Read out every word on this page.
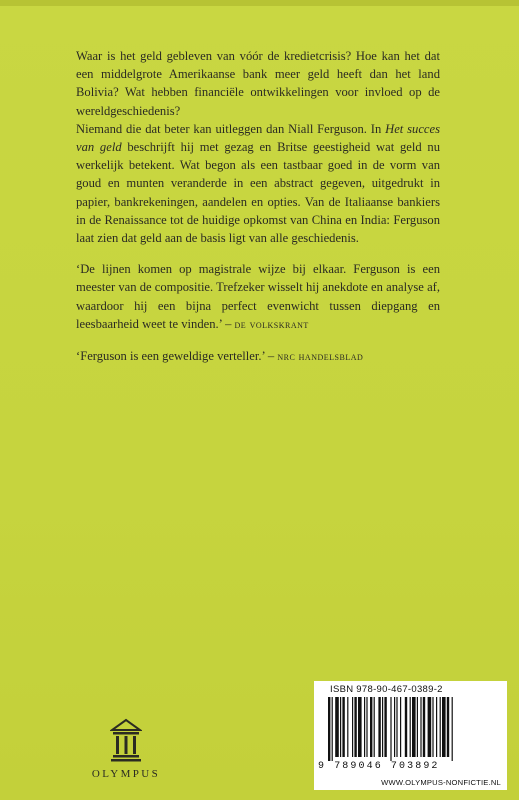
Waar is het geld gebleven van vóór de kredietcrisis? Hoe kan het dat een middelgrote Amerikaanse bank meer geld heeft dan het land Bolivia? Wat hebben financiële ontwikkelingen voor invloed op de wereldgeschiedenis?

Niemand die dat beter kan uitleggen dan Niall Ferguson. In Het succes van geld beschrijft hij met gezag en Britse geestigheid wat geld nu werkelijk betekent. Wat begon als een tastbaar goed in de vorm van goud en munten veranderde in een abstract gegeven, uitgedrukt in papier, bankrekeningen, aandelen en opties. Van de Italiaanse bankiers in de Renaissance tot de huidige opkomst van China en India: Ferguson laat zien dat geld aan de basis ligt van alle geschiedenis.

‘De lijnen komen op magistrale wijze bij elkaar. Ferguson is een meester van de compositie. Trefzeker wisselt hij anekdote en analyse af, waardoor hij een bijna perfect evenwicht tussen diepgang en leesbaarheid weet te vinden.’ – de volkskrant

‘Ferguson is een geweldige verteller.’ – nrc handelsblad

OLYMPUS
ISBN 978-90-467-0389-2
9 789046 703892
WWW.OLYMPUS-NONFICTIE.NL
